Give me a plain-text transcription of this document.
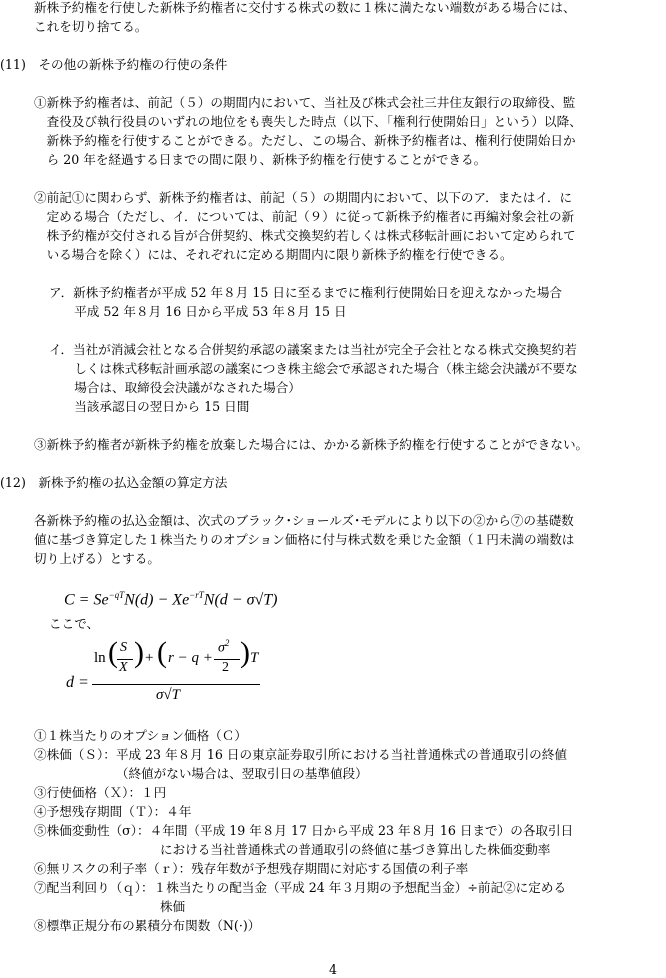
新株予約権を行使した新株予約権者に交付する株式の数に１株に満たない端数がある場合には、
これを切り捨てる。
(11)　その他の新株予約権の行使の条件
①新株予約権者は、前記（５）の期間内において、当社及び株式会社三井住友銀行の取締役、監
　査役及び執行役員のいずれの地位をも喪失した時点（以下、「権利行使開始日」という）以降、
　新株予約権を行使することができる。ただし、この場合、新株予約権者は、権利行使開始日か
　ら 20 年を経過する日までの間に限り、新株予約権を行使することができる。
②前記①に関わらず、新株予約権者は、前記（５）の期間内において、以下のア．またはイ．に
　定める場合（ただし、イ．については、前記（９）に従って新株予約権者に再編対象会社の新
　株予約権が交付される旨が合併契約、株式交換契約若しくは株式移転計画において定められて
　いる場合を除く）には、それぞれに定める期間内に限り新株予約権を行使できる。
ア．新株予約権者が平成 52 年８月 15 日に至るまでに権利行使開始日を迎えなかった場合
　　平成 52 年８月 16 日から平成 53 年８月 15 日
イ．当社が消滅会社となる合併契約承認の議案または当社が完全子会社となる株式交換契約若
　　しくは株式移転計画承認の議案につき株主総会で承認された場合（株主総会決議が不要な
　　場合は、取締役会決議がなされた場合）
　　当該承認日の翌日から 15 日間
③新株予約権者が新株予約権を放棄した場合には、かかる新株予約権を行使することができない。
(12)　新株予約権の払込金額の算定方法
各新株予約権の払込金額は、次式のブラック･ショールズ･モデルにより以下の②から⑦の基礎数
値に基づき算定した１株当たりのオプション価格に付与株式数を乗じた金額（１円未満の端数は
切り上げる）とする。
$C = Se^{-qT}N(d) - Xe^{-rT}N(d - \sigma√T)$
ここで、
d =
ln ( S
X ) + ( r − q +
$\sigma^2$
2 ) T
σ√T
①１株当たりのオプション価格（Ｃ）
②株価（Ｓ）：平成 23 年８月 16 日の東京証券取引所における当社普通株式の普通取引の終値
　　　　　　　（終値がない場合は、翌取引日の基準値段）
③行使価格（Ｘ）：１円
④予想残存期間（Ｔ）：４年
⑤株価変動性（σ）：４年間（平成 19 年８月 17 日から平成 23 年８月 16 日まで）の各取引日
　　　　　　　　　　における当社普通株式の普通取引の終値に基づき算出した株価変動率
⑥無リスクの利子率（ｒ）：残存年数が予想残存期間に対応する国債の利子率
⑦配当利回り（ｑ）：１株当たりの配当金（平成 24 年３月期の予想配当金）÷前記②に定める
　　　　　　　　　　株価
⑧標準正規分布の累積分布関数（N(·)）
4
